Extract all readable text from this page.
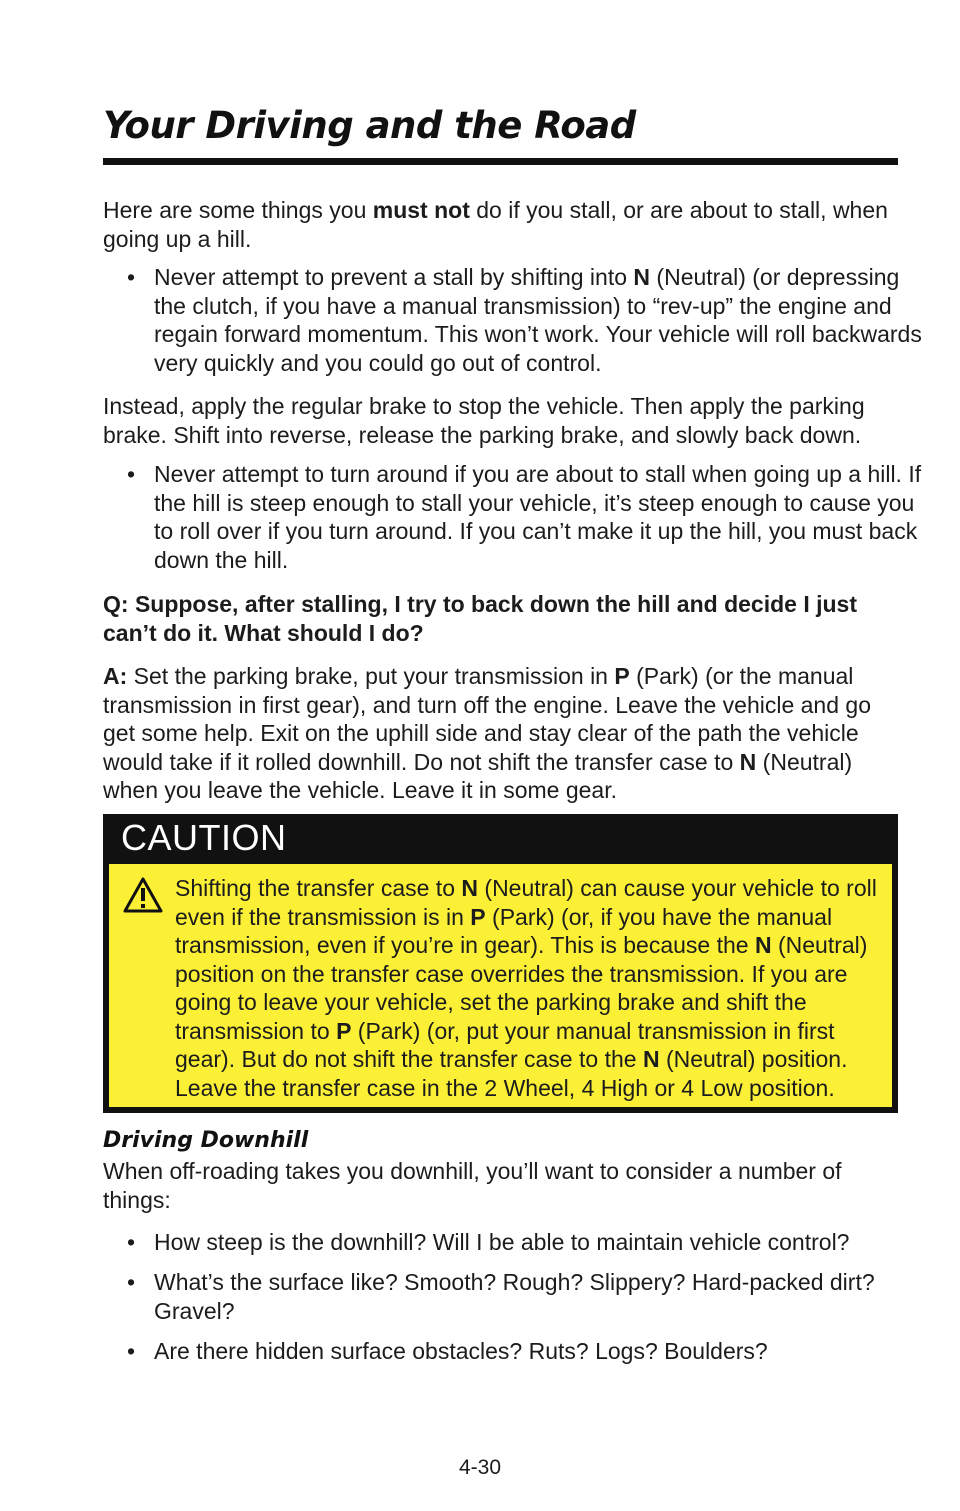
Your Driving and the Road

Here are some things you must not do if you stall, or are about to stall, when going up a hill.

• Never attempt to prevent a stall by shifting into N (Neutral) (or depressing the clutch, if you have a manual transmission) to “rev-up” the engine and regain forward momentum. This won’t work. Your vehicle will roll backwards very quickly and you could go out of control.

Instead, apply the regular brake to stop the vehicle. Then apply the parking brake. Shift into reverse, release the parking brake, and slowly back down.

• Never attempt to turn around if you are about to stall when going up a hill. If the hill is steep enough to stall your vehicle, it’s steep enough to cause you to roll over if you turn around. If you can’t make it up the hill, you must back down the hill.

Q: Suppose, after stalling, I try to back down the hill and decide I just can’t do it. What should I do?

A: Set the parking brake, put your transmission in P (Park) (or the manual transmission in first gear), and turn off the engine. Leave the vehicle and go get some help. Exit on the uphill side and stay clear of the path the vehicle would take if it rolled downhill. Do not shift the transfer case to N (Neutral) when you leave the vehicle. Leave it in some gear.

CAUTION

Shifting the transfer case to N (Neutral) can cause your vehicle to roll even if the transmission is in P (Park) (or, if you have the manual transmission, even if you’re in gear). This is because the N (Neutral) position on the transfer case overrides the transmission. If you are going to leave your vehicle, set the parking brake and shift the transmission to P (Park) (or, put your manual transmission in first gear). But do not shift the transfer case to the N (Neutral) position. Leave the transfer case in the 2 Wheel, 4 High or 4 Low position.

Driving Downhill

When off-roading takes you downhill, you’ll want to consider a number of things:

• How steep is the downhill? Will I be able to maintain vehicle control?
• What’s the surface like? Smooth? Rough? Slippery? Hard-packed dirt? Gravel?
• Are there hidden surface obstacles? Ruts? Logs? Boulders?
4-30
